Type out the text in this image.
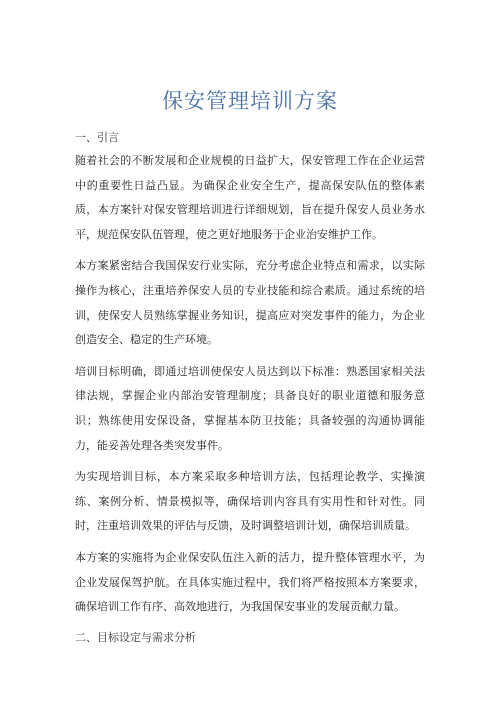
保安管理培训方案
一、引言

随着社会的不断发展和企业规模的日益扩大，保安管理工作在企业运营中的重要性日益凸显。为确保企业安全生产，提高保安队伍的整体素质，本方案针对保安管理培训进行详细规划，旨在提升保安人员业务水平，规范保安队伍管理，使之更好地服务于企业治安维护工作。

本方案紧密结合我国保安行业实际，充分考虑企业特点和需求，以实际操作为核心，注重培养保安人员的专业技能和综合素质。通过系统的培训，使保安人员熟练掌握业务知识，提高应对突发事件的能力，为企业创造安全、稳定的生产环境。

培训目标明确，即通过培训使保安人员达到以下标准：熟悉国家相关法律法规，掌握企业内部治安管理制度；具备良好的职业道德和服务意识；熟练使用安保设备，掌握基本防卫技能；具备较强的沟通协调能力，能妥善处理各类突发事件。

为实现培训目标，本方案采取多种培训方法，包括理论教学、实操演练、案例分析、情景模拟等，确保培训内容具有实用性和针对性。同时，注重培训效果的评估与反馈，及时调整培训计划，确保培训质量。

本方案的实施将为企业保安队伍注入新的活力，提升整体管理水平，为企业发展保驾护航。在具体实施过程中，我们将严格按照本方案要求，确保培训工作有序、高效地进行，为我国保安事业的发展贡献力量。

二、目标设定与需求分析
